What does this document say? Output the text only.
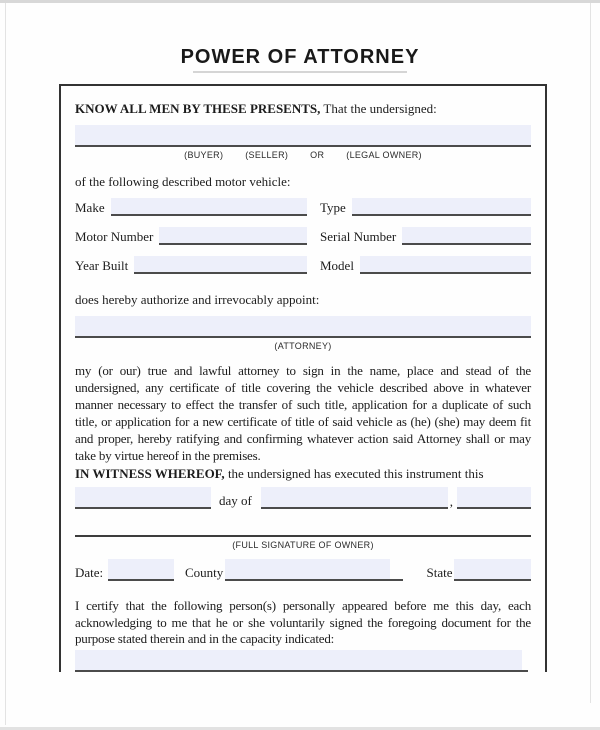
POWER OF ATTORNEY

KNOW ALL MEN BY THESE PRESENTS, That the undersigned:

(BUYER) (SELLER) OR (LEGAL OWNER)

of the following described motor vehicle:

Make	Type
Motor Number	Serial Number
Year Built	Model

does hereby authorize and irrevocably appoint:

(ATTORNEY)

my (or our) true and lawful attorney to sign in the name, place and stead of the undersigned, any certificate of title covering the vehicle described above in whatever manner necessary to effect the transfer of such title, application for a duplicate of such title, or application for a new certificate of title of said vehicle as (he) (she) may deem fit and proper, hereby ratifying and confirming whatever action said Attorney shall or may take by virtue hereof in the premises.

IN WITNESS WHEREOF, the undersigned has executed this instrument this

day of	,
(FULL SIGNATURE OF OWNER)
Date:	County	State

I certify that the following person(s) personally appeared before me this day, each acknowledging to me that he or she voluntarily signed the foregoing document for the purpose stated therein and in the capacity indicated:
